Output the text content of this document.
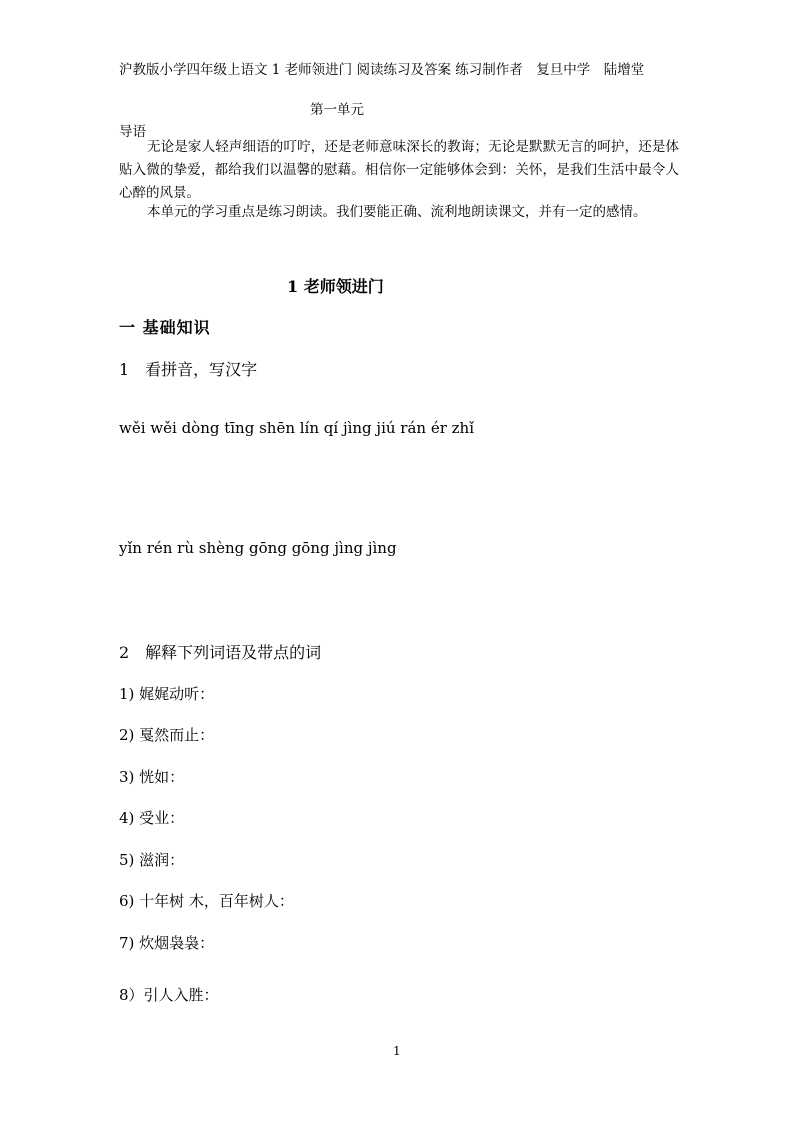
沪教版小学四年级上语文 1 老师领进门 阅读练习及答案 练习制作者　复旦中学　陆增堂
第一单元
导语
无论是家人轻声细语的叮咛，还是老师意味深长的教诲；无论是默默无言的呵护，还是体贴入微的挚爱，都给我们以温馨的慰藉。相信你一定能够体会到：关怀，是我们生活中最令人心醉的风景。
本单元的学习重点是练习朗读。我们要能正确、流利地朗读课文，并有一定的感情。
1 老师领进门
一 基础知识
1　看拼音，写汉字
wěi wěi dòng tīng shēn lín qí jìng jiú rán ér zhǐ
yǐn rén rù shèng gōng gōng jìng jìng
2　解释下列词语及带点的词
1) 娓娓动听：
2) 戛然而止：
3) 恍如：
4) 受业：
5) 滋润：
6) 十年树 木，百年树人：
7) 炊烟袅袅：
8）引人入胜：
1
